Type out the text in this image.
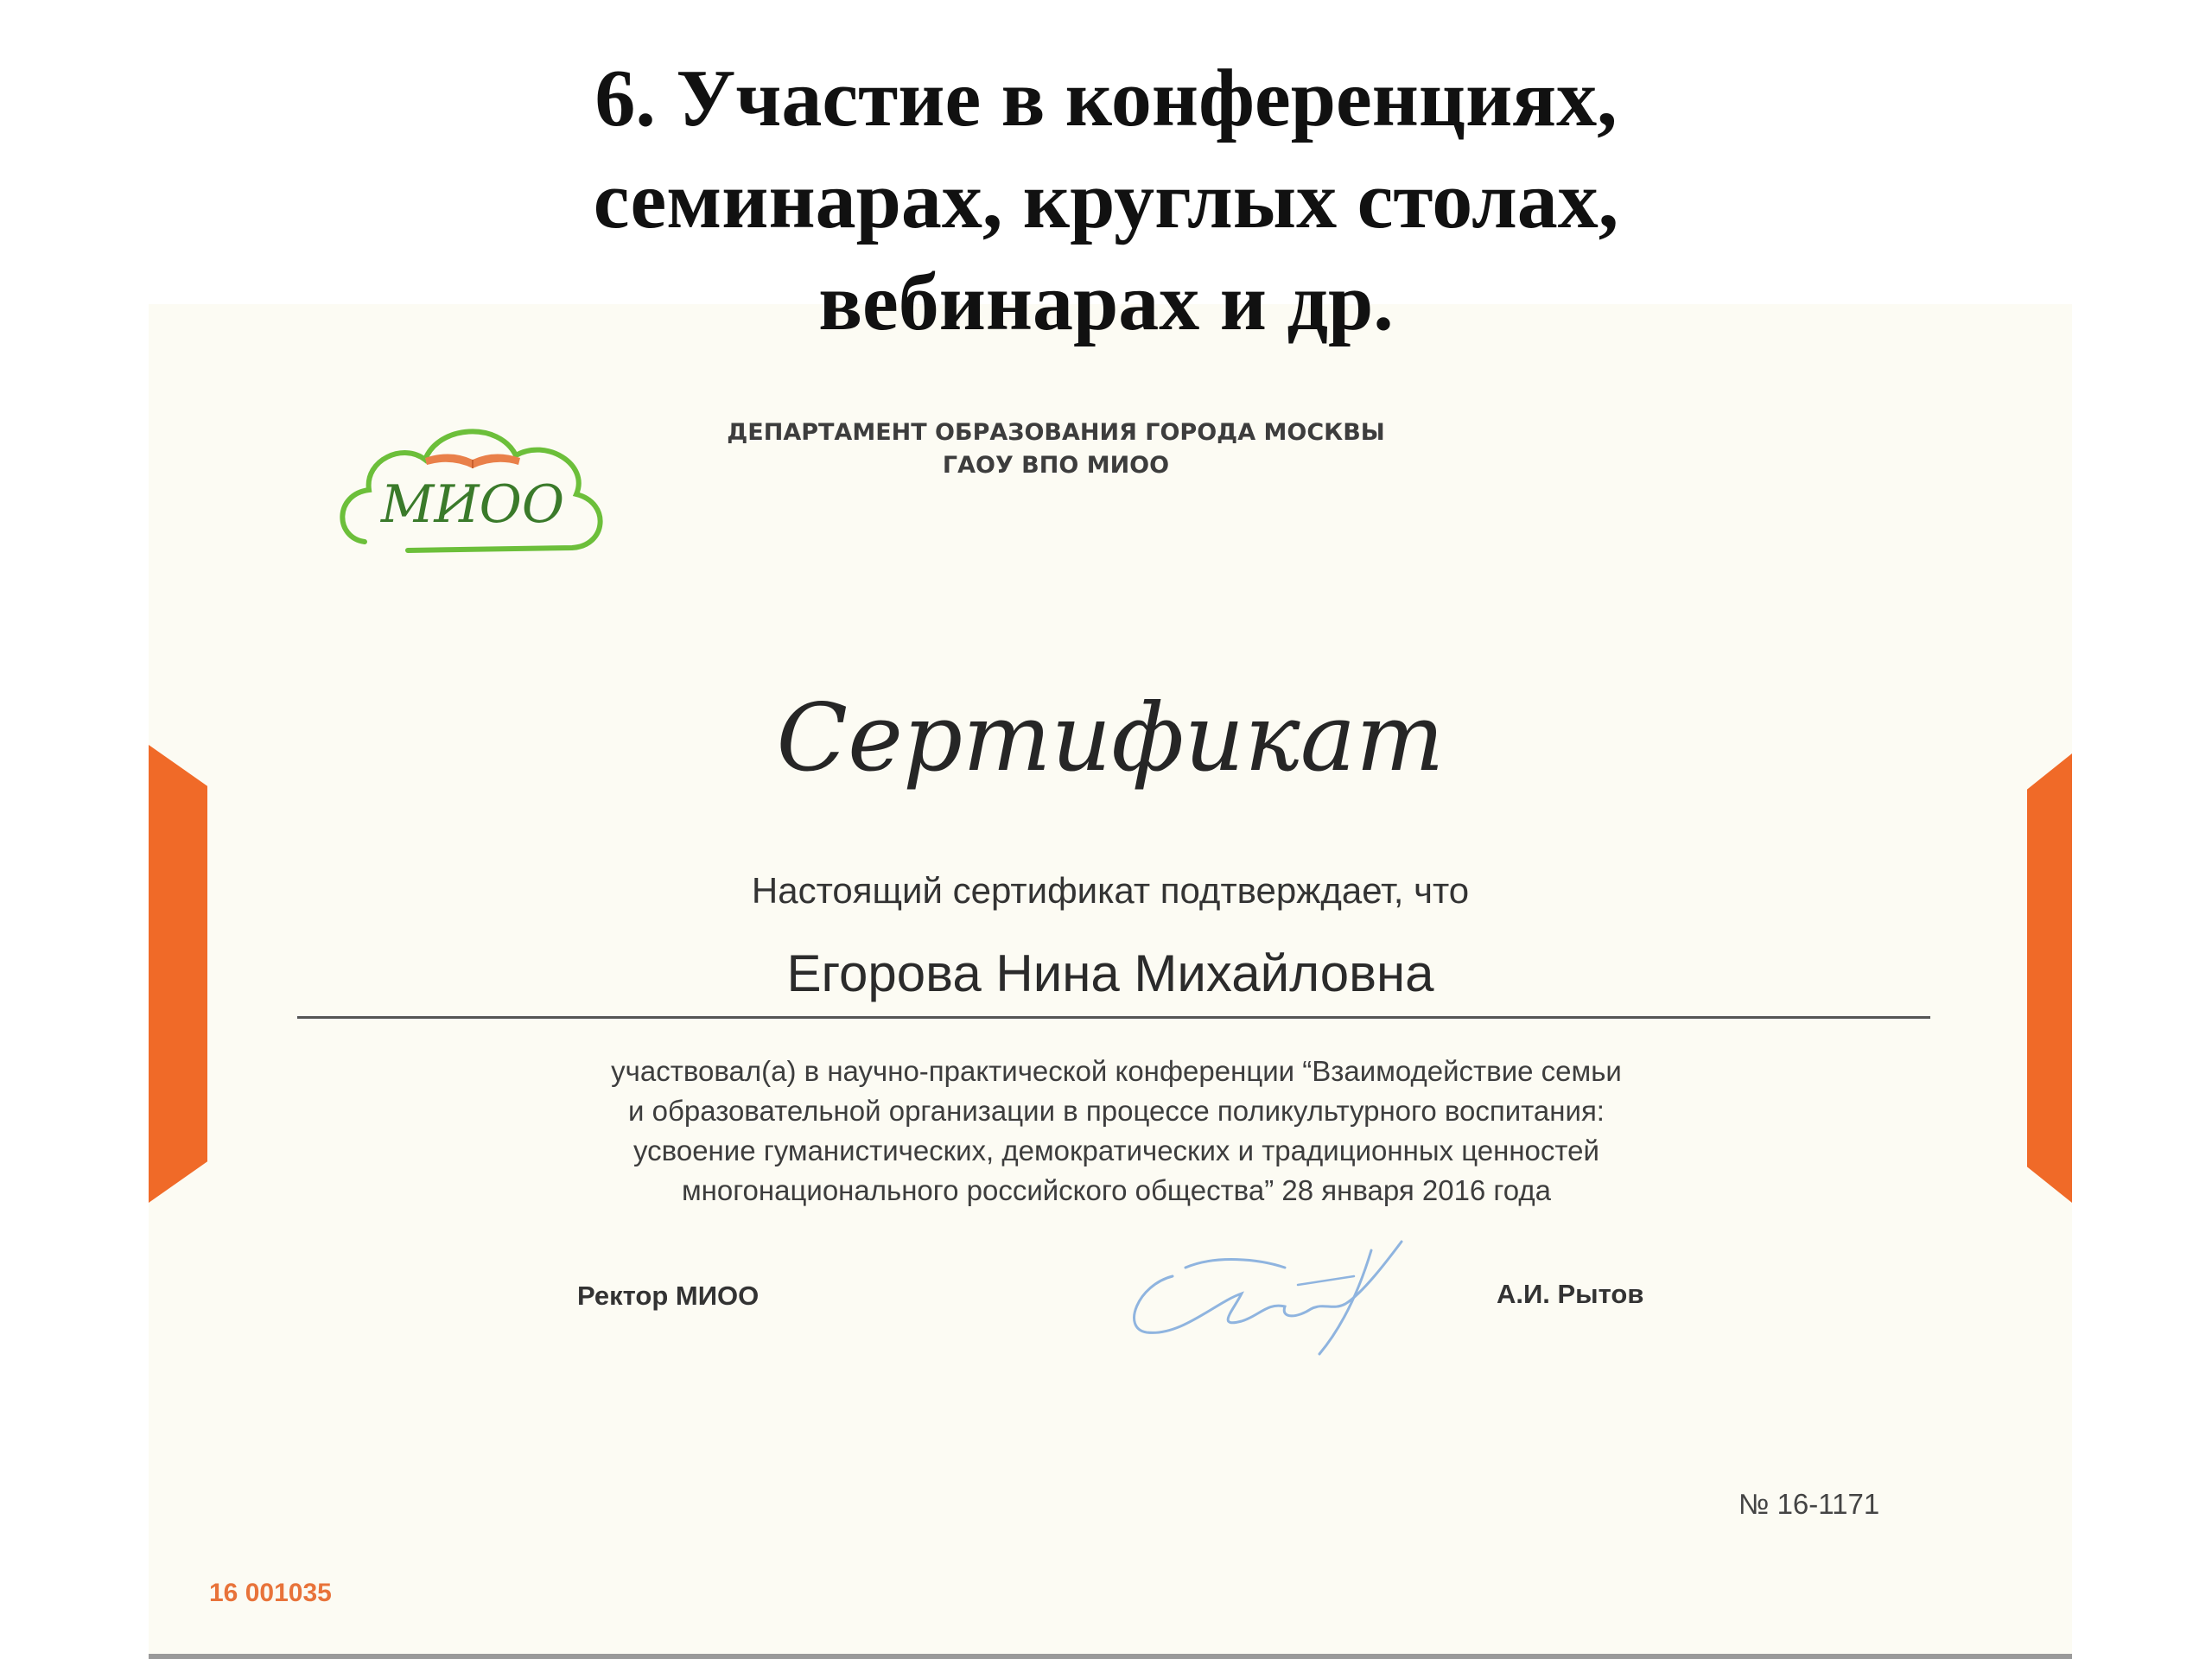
6. Участие в конференциях,
семинарах, круглых столах,
вебинарах и др.
МИОО
ДЕПАРТАМЕНТ ОБРАЗОВАНИЯ ГОРОДА МОСКВЫ
ГАОУ ВПО МИОО
Сертификат
Настоящий сертификат подтверждает, что
Егорова Нина Михайловна
участвовал(а) в научно-практической конференции “Взаимодействие семьи
и образовательной организации в процессе поликультурного воспитания:
усвоение гуманистических, демократических и традиционных ценностей
многонационального российского общества” 28 января 2016 года
Ректор МИОО	А.И. Рытов
№ 16-1171
16 001035
